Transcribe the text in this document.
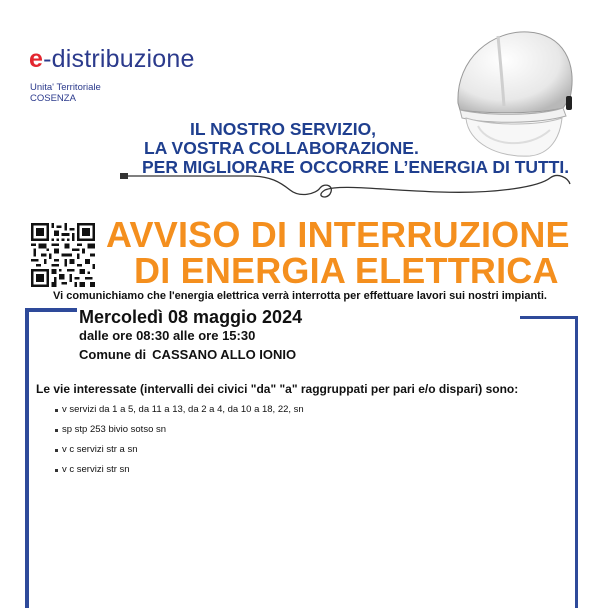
e-distribuzione
Unita' Territoriale
COSENZA
IL NOSTRO SERVIZIO,
LA VOSTRA COLLABORAZIONE.
PER MIGLIORARE OCCORRE L’ENERGIA DI TUTTI.
AVVISO DI INTERRUZIONE
DI ENERGIA ELETTRICA
Vi comunichiamo che l'energia elettrica verrà interrotta per effettuare lavori sui nostri impianti.
Mercoledì 08 maggio 2024
dalle ore 08:30 alle ore 15:30
Comune di CASSANO ALLO IONIO
Le vie interessate (intervalli dei civici "da" "a" raggruppati per pari e/o dispari) sono:
v servizi da 1 a 5, da 11 a 13, da 2 a 4, da 10 a 18, 22, sn
sp stp 253 bivio sotso sn
v c servizi str a sn
v c servizi str sn
